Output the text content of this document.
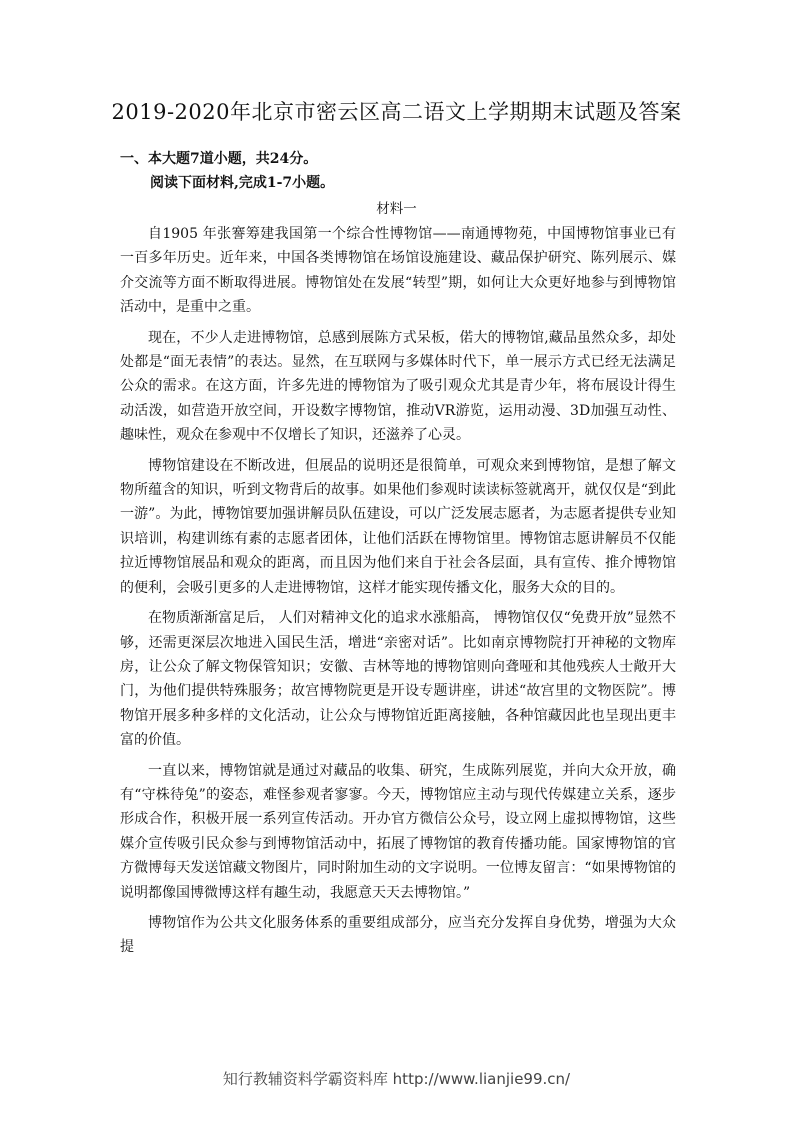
2019-2020年北京市密云区高二语文上学期期末试题及答案
一、本大题7道小题，共24分。
阅读下面材料,完成1-7小题。
材料一

自1905 年张謇筹建我国第一个综合性博物馆——南通博物苑，中国博物馆事业已有一百多年历史。近年来，中国各类博物馆在场馆设施建设、藏品保护研究、陈列展示、媒介交流等方面不断取得进展。博物馆处在发展“转型”期，如何让大众更好地参与到博物馆活动中，是重中之重。

现在，不少人走进博物馆，总感到展陈方式呆板，偌大的博物馆,藏品虽然众多，却处处都是“面无表情”的表达。显然，在互联网与多媒体时代下，单一展示方式已经无法满足公众的需求。在这方面，许多先进的博物馆为了吸引观众尤其是青少年，将布展设计得生动活泼，如营造开放空间，开设数字博物馆，推动VR游览，运用动漫、3D加强互动性、趣味性，观众在参观中不仅增长了知识，还滋养了心灵。

博物馆建设在不断改进，但展品的说明还是很简单，可观众来到博物馆，是想了解文物所蕴含的知识，听到文物背后的故事。如果他们参观时读读标签就离开，就仅仅是“到此一游”。为此，博物馆要加强讲解员队伍建设，可以广泛发展志愿者，为志愿者提供专业知识培训，构建训练有素的志愿者团体，让他们活跃在博物馆里。博物馆志愿讲解员不仅能拉近博物馆展品和观众的距离，而且因为他们来自于社会各层面，具有宣传、推介博物馆的便利，会吸引更多的人走进博物馆，这样才能实现传播文化，服务大众的目的。

在物质渐渐富足后， 人们对精神文化的追求水涨船高， 博物馆仅仅“免费开放”显然不够，还需更深层次地进入国民生活，增进“亲密对话”。比如南京博物院打开神秘的文物库房，让公众了解文物保管知识；安徽、吉林等地的博物馆则向聋哑和其他残疾人士敞开大门，为他们提供特殊服务；故宫博物院更是开设专题讲座，讲述“故宫里的文物医院”。博物馆开展多种多样的文化活动，让公众与博物馆近距离接触，各种馆藏因此也呈现出更丰富的价值。

一直以来，博物馆就是通过对藏品的收集、研究，生成陈列展览，并向大众开放，确有“守株待兔”的姿态，难怪参观者寥寥。今天，博物馆应主动与现代传媒建立关系，逐步形成合作，积极开展一系列宣传活动。开办官方微信公众号，设立网上虚拟博物馆，这些媒介宣传吸引民众参与到博物馆活动中，拓展了博物馆的教育传播功能。国家博物馆的官方微博每天发送馆藏文物图片，同时附加生动的文字说明。一位博友留言：“如果博物馆的说明都像国博微博这样有趣生动，我愿意天天去博物馆。”

博物馆作为公共文化服务体系的重要组成部分，应当充分发挥自身优势，增强为大众提

知行教辅资料学霸资料库 http://www.lianjie99.cn/
